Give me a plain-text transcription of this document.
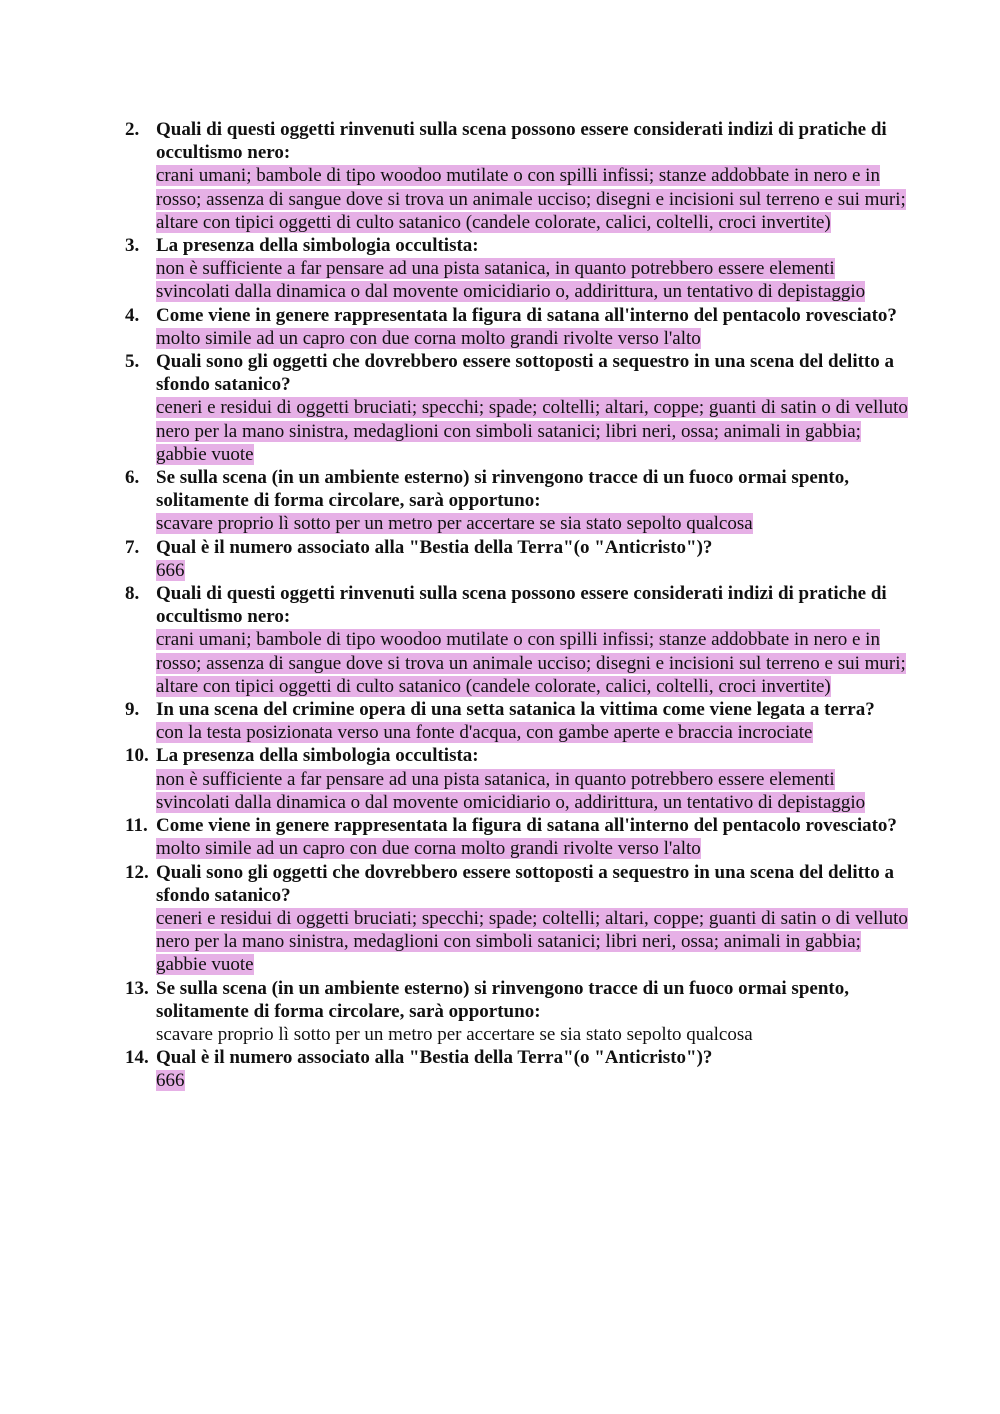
2. Quali di questi oggetti rinvenuti sulla scena possono essere considerati indizi di pratiche di occultismo nero:
crani umani; bambole di tipo woodoo mutilate o con spilli infissi; stanze addobbate in nero e in rosso; assenza di sangue dove si trova un animale ucciso; disegni e incisioni sul terreno e sui muri; altare con tipici oggetti di culto satanico (candele colorate, calici, coltelli, croci invertite)
3. La presenza della simbologia occultista:
non è sufficiente a far pensare ad una pista satanica, in quanto potrebbero essere elementi svincolati dalla dinamica o dal movente omicidiario o, addirittura, un tentativo di depistaggio
4. Come viene in genere rappresentata la figura di satana all'interno del pentacolo rovesciato?
molto simile ad un capro con due corna molto grandi rivolte verso l'alto
5. Quali sono gli oggetti che dovrebbero essere sottoposti a sequestro in una scena del delitto a sfondo satanico?
ceneri e residui di oggetti bruciati; specchi; spade; coltelli; altari, coppe; guanti di satin o di velluto nero per la mano sinistra, medaglioni con simboli satanici; libri neri, ossa; animali in gabbia; gabbie vuote
6. Se sulla scena (in un ambiente esterno) si rinvengono tracce di un fuoco ormai spento, solitamente di forma circolare, sarà opportuno:
scavare proprio lì sotto per un metro per accertare se sia stato sepolto qualcosa
7. Qual è il numero associato alla "Bestia della Terra"(o "Anticristo")?
666
8. Quali di questi oggetti rinvenuti sulla scena possono essere considerati indizi di pratiche di occultismo nero:
crani umani; bambole di tipo woodoo mutilate o con spilli infissi; stanze addobbate in nero e in rosso; assenza di sangue dove si trova un animale ucciso; disegni e incisioni sul terreno e sui muri; altare con tipici oggetti di culto satanico (candele colorate, calici, coltelli, croci invertite)
9. In una scena del crimine opera di una setta satanica la vittima come viene legata a terra?
con la testa posizionata verso una fonte d'acqua, con gambe aperte e braccia incrociate
10. La presenza della simbologia occultista:
non è sufficiente a far pensare ad una pista satanica, in quanto potrebbero essere elementi svincolati dalla dinamica o dal movente omicidiario o, addirittura, un tentativo di depistaggio
11. Come viene in genere rappresentata la figura di satana all'interno del pentacolo rovesciato?
molto simile ad un capro con due corna molto grandi rivolte verso l'alto
12. Quali sono gli oggetti che dovrebbero essere sottoposti a sequestro in una scena del delitto a sfondo satanico?
ceneri e residui di oggetti bruciati; specchi; spade; coltelli; altari, coppe; guanti di satin o di velluto nero per la mano sinistra, medaglioni con simboli satanici; libri neri, ossa; animali in gabbia; gabbie vuote
13. Se sulla scena (in un ambiente esterno) si rinvengono tracce di un fuoco ormai spento, solitamente di forma circolare, sarà opportuno:
scavare proprio lì sotto per un metro per accertare se sia stato sepolto qualcosa
14. Qual è il numero associato alla "Bestia della Terra"(o "Anticristo")?
666
